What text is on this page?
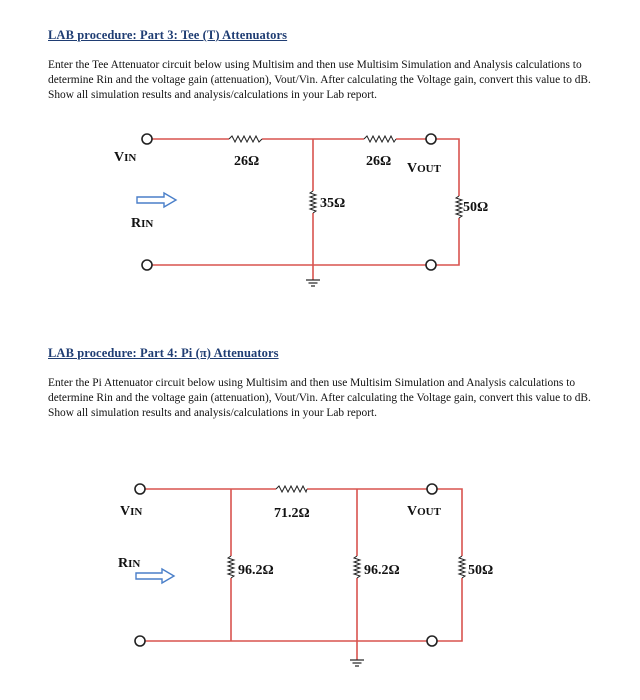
LAB procedure: Part 3: Tee (T) Attenuators
Enter the Tee Attenuator circuit below using Multisim and then use Multisim Simulation and Analysis calculations to determine Rin and the voltage gain (attenuation), Vout/Vin. After calculating the Voltage gain, convert this value to dB. Show all simulation results and analysis/calculations in your Lab report.
VIN
RIN
26Ω	26Ω
35Ω	50Ω
VOUT
LAB procedure: Part 4: Pi (π) Attenuators
Enter the Pi Attenuator circuit below using Multisim and then use Multisim Simulation and Analysis calculations to determine Rin and the voltage gain (attenuation), Vout/Vin. After calculating the Voltage gain, convert this value to dB. Show all simulation results and analysis/calculations in your Lab report.
VIN
RIN
71.2Ω
96.2Ω	96.2Ω	50Ω
VOUT
